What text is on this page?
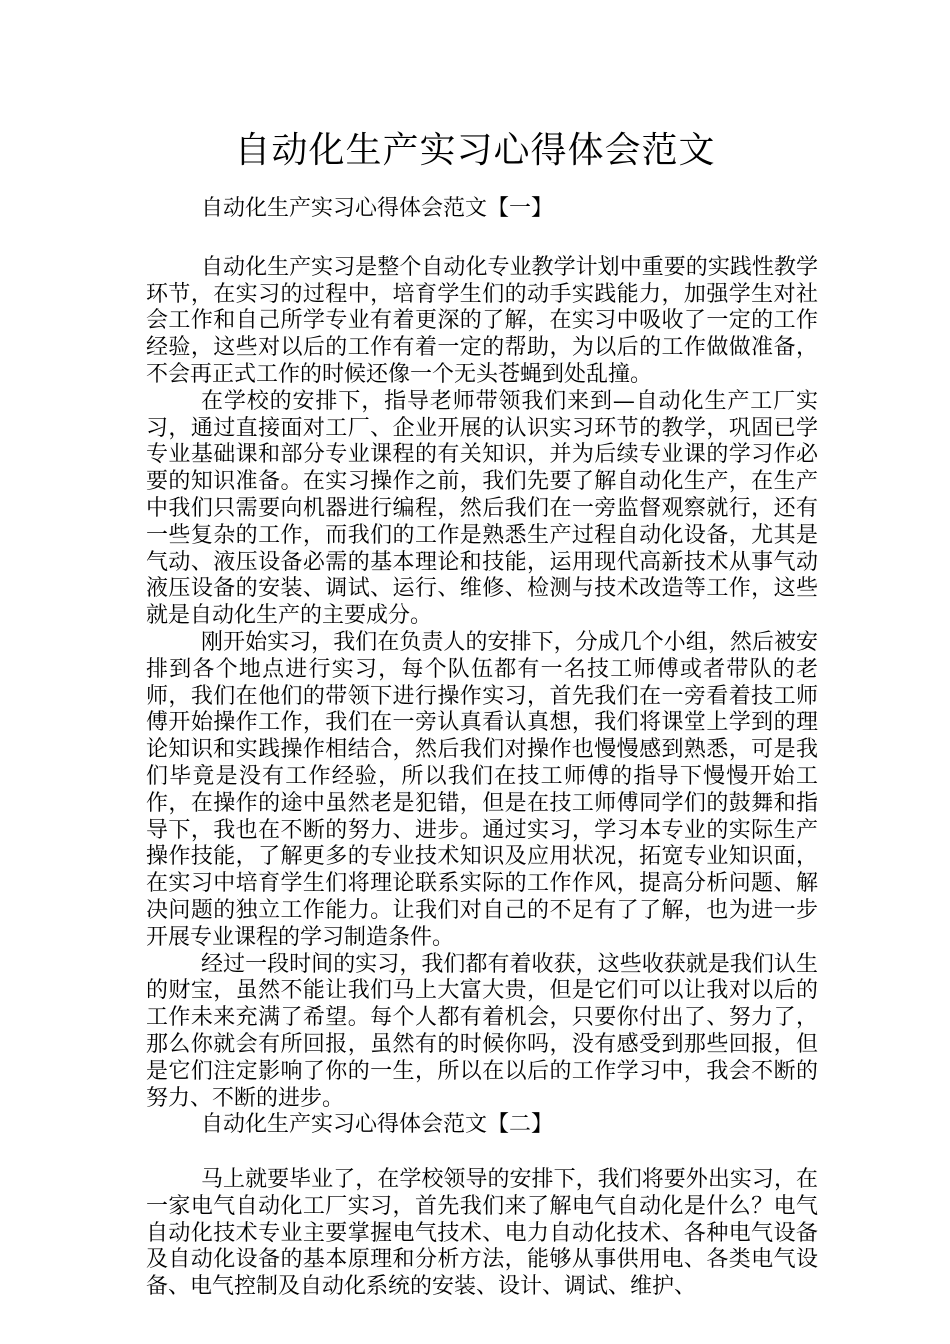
自动化生产实习心得体会范文

自动化生产实习心得体会范文【一】

自动化生产实习是整个自动化专业教学计划中重要的实践性教学环节，在实习的过程中，培育学生们的动手实践能力，加强学生对社会工作和自己所学专业有着更深的了解，在实习中吸收了一定的工作经验，这些对以后的工作有着一定的帮助，为以后的工作做做准备，不会再正式工作的时候还像一个无头苍蝇到处乱撞。

在学校的安排下，指导老师带领我们来到—自动化生产工厂实习，通过直接面对工厂、企业开展的认识实习环节的教学，巩固已学专业基础课和部分专业课程的有关知识，并为后续专业课的学习作必要的知识准备。在实习操作之前，我们先要了解自动化生产，在生产中我们只需要向机器进行编程，然后我们在一旁监督观察就行，还有一些复杂的工作，而我们的工作是熟悉生产过程自动化设备，尤其是气动、液压设备必需的基本理论和技能，运用现代高新技术从事气动液压设备的安装、调试、运行、维修、检测与技术改造等工作，这些就是自动化生产的主要成分。

刚开始实习，我们在负责人的安排下，分成几个小组，然后被安排到各个地点进行实习，每个队伍都有一名技工师傅或者带队的老师，我们在他们的带领下进行操作实习，首先我们在一旁看着技工师傅开始操作工作，我们在一旁认真看认真想，我们将课堂上学到的理论知识和实践操作相结合，然后我们对操作也慢慢感到熟悉，可是我们毕竟是没有工作经验，所以我们在技工师傅的指导下慢慢开始工作，在操作的途中虽然老是犯错，但是在技工师傅同学们的鼓舞和指导下，我也在不断的努力、进步。通过实习，学习本专业的实际生产操作技能，了解更多的专业技术知识及应用状况，拓宽专业知识面，在实习中培育学生们将理论联系实际的工作作风，提高分析问题、解决问题的独立工作能力。让我们对自己的不足有了了解，也为进一步开展专业课程的学习制造条件。

经过一段时间的实习，我们都有着收获，这些收获就是我们认生的财宝，虽然不能让我们马上大富大贵，但是它们可以让我对以后的工作未来充满了希望。每个人都有着机会，只要你付出了、努力了，那么你就会有所回报，虽然有的时候你吗，没有感受到那些回报，但是它们注定影响了你的一生，所以在以后的工作学习中，我会不断的努力、不断的进步。

自动化生产实习心得体会范文【二】

马上就要毕业了，在学校领导的安排下，我们将要外出实习，在一家电气自动化工厂实习，首先我们来了解电气自动化是什么？电气自动化技术专业主要掌握电气技术、电力自动化技术、各种电气设备及自动化设备的基本原理和分析方法，能够从事供用电、各类电气设备、电气控制及自动化系统的安装、设计、调试、维护、
